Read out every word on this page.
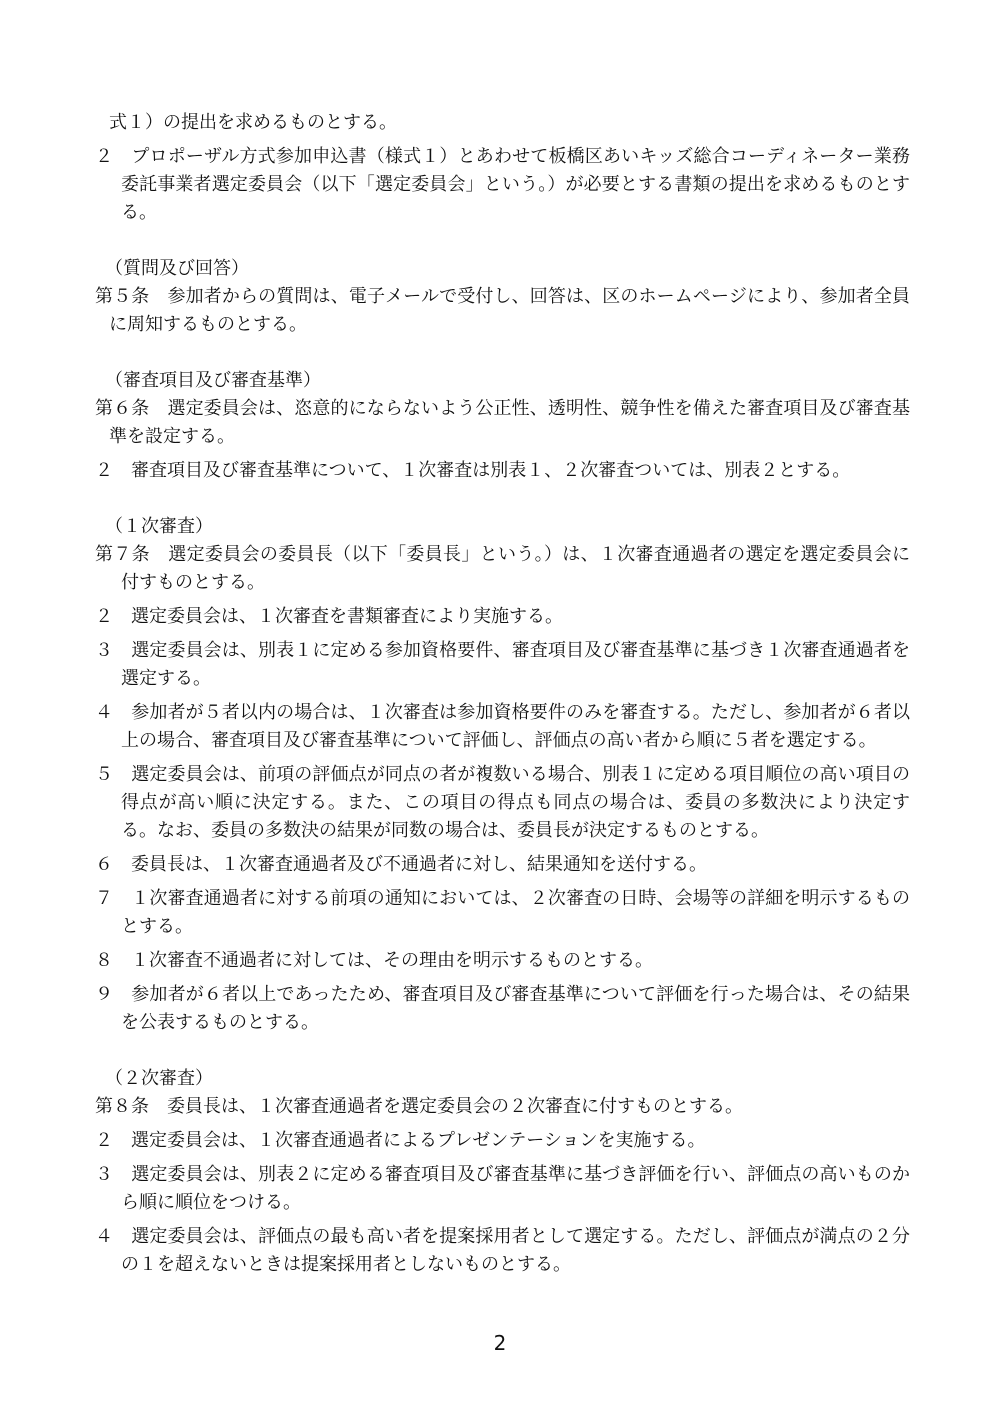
式１）の提出を求めるものとする。

２　プロポーザル方式参加申込書（様式１）とあわせて板橋区あいキッズ総合コーディネーター業務委託事業者選定委員会（以下「選定委員会」という。）が必要とする書類の提出を求めるものとする。

（質問及び回答）

第５条　参加者からの質問は、電子メールで受付し、回答は、区のホームページにより、参加者全員に周知するものとする。

（審査項目及び審査基準）

第６条　選定委員会は、恣意的にならないよう公正性、透明性、競争性を備えた審査項目及び審査基準を設定する。

２　審査項目及び審査基準について、１次審査は別表１、２次審査ついては、別表２とする。

（１次審査）

第７条　選定委員会の委員長（以下「委員長」という。）は、１次審査通過者の選定を選定委員会に付すものとする。

２　選定委員会は、１次審査を書類審査により実施する。

３　選定委員会は、別表１に定める参加資格要件、審査項目及び審査基準に基づき１次審査通過者を選定する。

４　参加者が５者以内の場合は、１次審査は参加資格要件のみを審査する。ただし、参加者が６者以上の場合、審査項目及び審査基準について評価し、評価点の高い者から順に５者を選定する。

５　選定委員会は、前項の評価点が同点の者が複数いる場合、別表１に定める項目順位の高い項目の得点が高い順に決定する。また、この項目の得点も同点の場合は、委員の多数決により決定する。なお、委員の多数決の結果が同数の場合は、委員長が決定するものとする。

６　委員長は、１次審査通過者及び不通過者に対し、結果通知を送付する。

７　１次審査通過者に対する前項の通知においては、２次審査の日時、会場等の詳細を明示するものとする。

８　１次審査不通過者に対しては、その理由を明示するものとする。

９　参加者が６者以上であったため、審査項目及び審査基準について評価を行った場合は、その結果を公表するものとする。

（２次審査）

第８条　委員長は、１次審査通過者を選定委員会の２次審査に付すものとする。

２　選定委員会は、１次審査通過者によるプレゼンテーションを実施する。

３　選定委員会は、別表２に定める審査項目及び審査基準に基づき評価を行い、評価点の高いものから順に順位をつける。

４　選定委員会は、評価点の最も高い者を提案採用者として選定する。ただし、評価点が満点の２分の１を超えないときは提案採用者としないものとする。

2
